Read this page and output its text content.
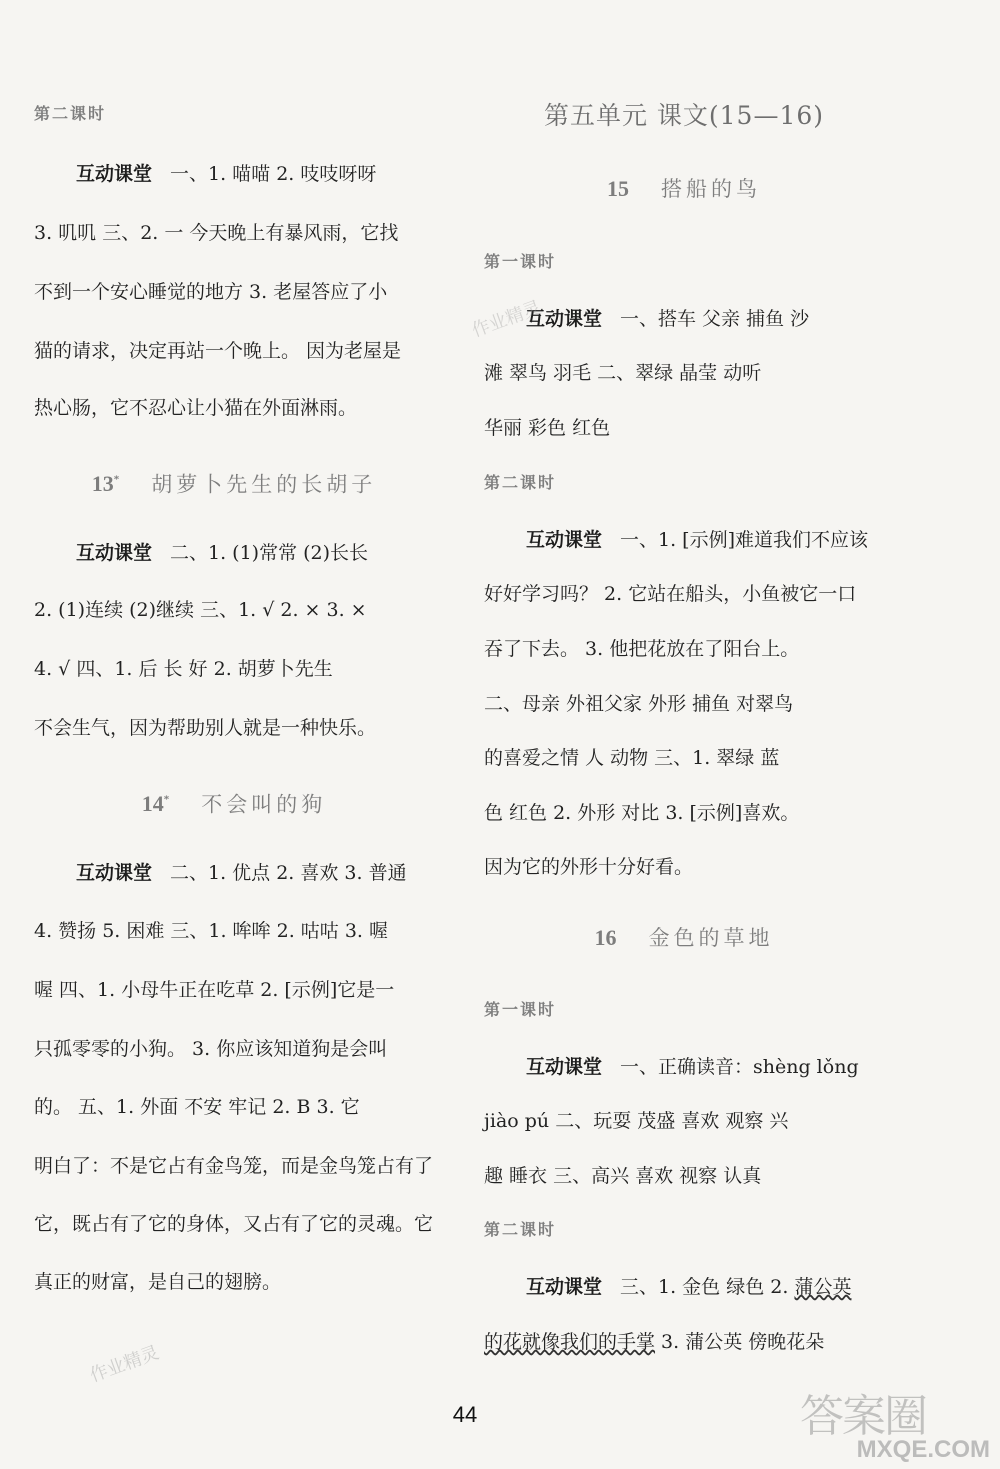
第二课时
互动课堂 一、1. 喵喵 2. 吱吱呀呀
3. 叽叽 三、2. 一 今天晚上有暴风雨，它找
不到一个安心睡觉的地方 3. 老屋答应了小
猫的请求，决定再站一个晚上。 因为老屋是
热心肠，它不忍心让小猫在外面淋雨。
13* 胡萝卜先生的长胡子
互动课堂 二、1. (1)常常 (2)长长
2. (1)连续 (2)继续 三、1. √ 2. × 3. ×
4. √ 四、1. 后 长 好 2. 胡萝卜先生
不会生气，因为帮助别人就是一种快乐。
14* 不会叫的狗
互动课堂 二、1. 优点 2. 喜欢 3. 普通
4. 赞扬 5. 困难 三、1. 哞哞 2. 咕咕 3. 喔
喔 四、1. 小母牛正在吃草 2. [示例]它是一
只孤零零的小狗。 3. 你应该知道狗是会叫
的。 五、1. 外面 不安 牢记 2. B 3. 它
明白了：不是它占有金鸟笼，而是金鸟笼占有了
它，既占有了它的身体，又占有了它的灵魂。它
真正的财富，是自己的翅膀。
第五单元 课文(15—16)
15 搭船的鸟
第一课时
互动课堂 一、搭车 父亲 捕鱼 沙
滩 翠鸟 羽毛 二、翠绿 晶莹 动听
华丽 彩色 红色
第二课时
互动课堂 一、1. [示例]难道我们不应该
好好学习吗？ 2. 它站在船头，小鱼被它一口
吞了下去。 3. 他把花放在了阳台上。
二、母亲 外祖父家 外形 捕鱼 对翠鸟
的喜爱之情 人 动物 三、1. 翠绿 蓝
色 红色 2. 外形 对比 3. [示例]喜欢。
因为它的外形十分好看。
16 金色的草地
第一课时
互动课堂 一、正确读音：shèng lǒng
jiào pú 二、玩耍 茂盛 喜欢 观察 兴
趣 睡衣 三、高兴 喜欢 视察 认真
第二课时
互动课堂 三、1. 金色 绿色 2. 蒲公英
的花就像我们的手掌 3. 蒲公英 傍晚花朵
作业精灵
作业精灵
44	答案圈
MXQE.COM
